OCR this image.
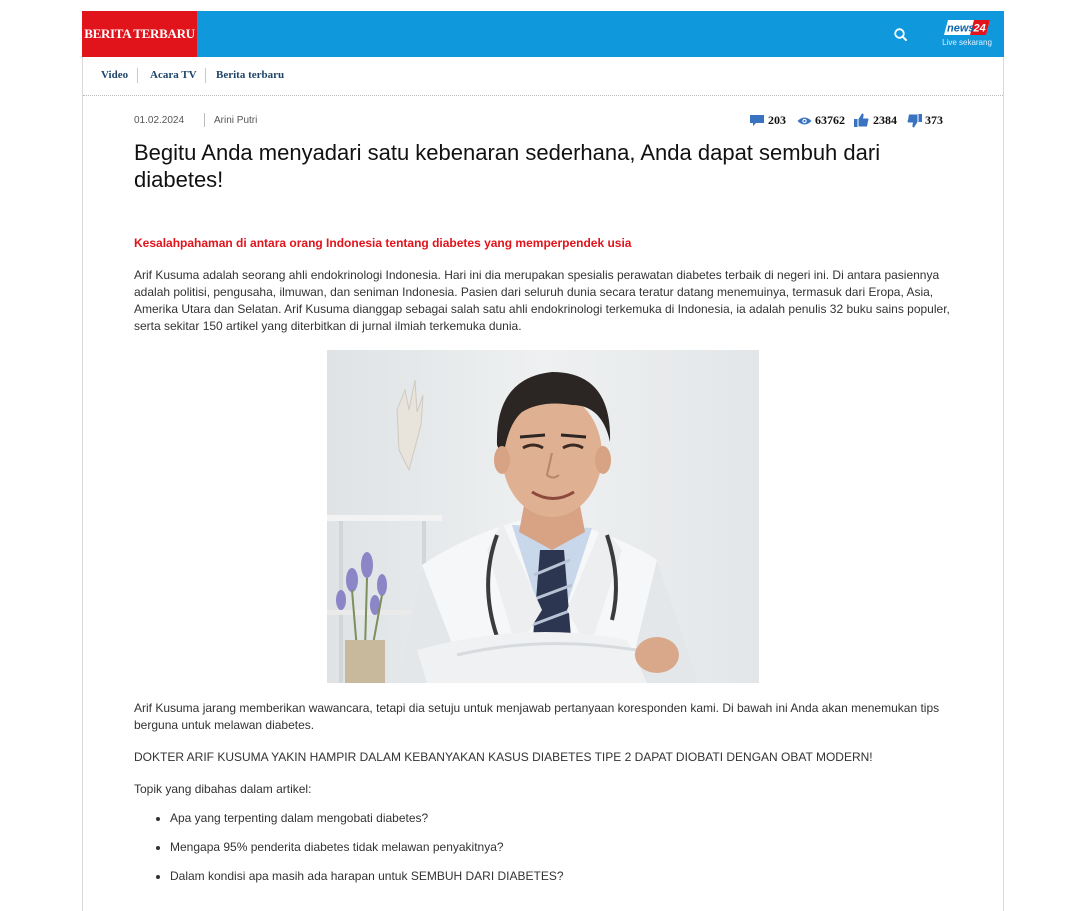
BERITA TERBARU	news
24
Live sekarang
Video Acara TV Berita terbaru
01.02.2024	Arini Putri	203 63762 2384 373
Begitu Anda menyadari satu kebenaran sederhana, Anda dapat sembuh dari diabetes!
Kesalahpahaman di antara orang Indonesia tentang diabetes yang memperpendek usia

Arif Kusuma adalah seorang ahli endokrinologi Indonesia. Hari ini dia merupakan spesialis perawatan diabetes terbaik di negeri ini. Di antara pasiennya adalah politisi, pengusaha, ilmuwan, dan seniman Indonesia. Pasien dari seluruh dunia secara teratur datang menemuinya, termasuk dari Eropa, Asia, Amerika Utara dan Selatan. Arif Kusuma dianggap sebagai salah satu ahli endokrinologi terkemuka di Indonesia, ia adalah penulis 32 buku sains populer, serta sekitar 150 artikel yang diterbitkan di jurnal ilmiah terkemuka dunia.

Arif Kusuma jarang memberikan wawancara, tetapi dia setuju untuk menjawab pertanyaan koresponden kami. Di bawah ini Anda akan menemukan tips berguna untuk melawan diabetes.

DOKTER ARIF KUSUMA YAKIN HAMPIR DALAM KEBANYAKAN KASUS DIABETES TIPE 2 DAPAT DIOBATI DENGAN OBAT MODERN!

Topik yang dibahas dalam artikel:

• Apa yang terpenting dalam mengobati diabetes?
• Mengapa 95% penderita diabetes tidak melawan penyakitnya?
• Dalam kondisi apa masih ada harapan untuk SEMBUH DARI DIABETES?
